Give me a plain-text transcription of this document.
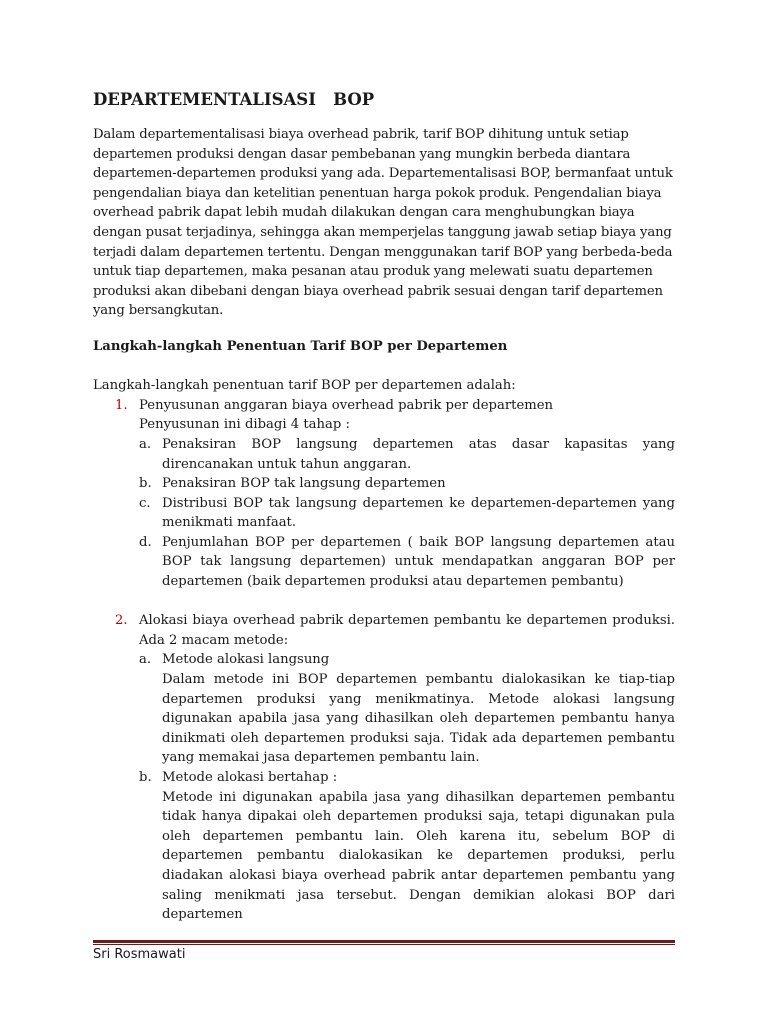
DEPARTEMENTALISASI   BOP

Dalam departementalisasi biaya overhead pabrik, tarif BOP dihitung untuk setiap departemen produksi dengan dasar pembebanan yang mungkin berbeda diantara departemen-departemen produksi yang ada. Departementalisasi BOP, bermanfaat untuk pengendalian biaya dan ketelitian penentuan harga pokok produk. Pengendalian biaya overhead pabrik dapat lebih mudah dilakukan dengan cara menghubungkan biaya dengan pusat terjadinya, sehingga akan memperjelas tanggung jawab setiap biaya yang terjadi dalam departemen tertentu. Dengan menggunakan tarif BOP yang berbeda-beda untuk tiap departemen, maka pesanan atau produk yang melewati suatu departemen produksi akan dibebani dengan biaya overhead pabrik sesuai dengan tarif departemen yang bersangkutan.

Langkah-langkah Penentuan Tarif BOP per Departemen

Langkah-langkah penentuan tarif BOP per departemen adalah:

1. Penyusunan anggaran biaya overhead pabrik per departemen
Penyusunan ini dibagi 4 tahap :
a. Penaksiran BOP langsung departemen atas dasar kapasitas yang direncanakan untuk tahun anggaran.
b. Penaksiran BOP tak langsung departemen
c. Distribusi BOP tak langsung departemen ke departemen-departemen yang menikmati manfaat.
d. Penjumlahan BOP per departemen ( baik BOP langsung departemen atau BOP tak langsung departemen) untuk mendapatkan anggaran BOP per departemen (baik departemen produksi atau departemen pembantu)
2. Alokasi biaya overhead pabrik departemen pembantu ke departemen produksi. Ada 2 macam metode:
a. Metode alokasi langsung
Dalam metode ini BOP departemen pembantu dialokasikan ke tiap-tiap departemen produksi yang menikmatinya. Metode alokasi langsung digunakan apabila jasa yang dihasilkan oleh departemen pembantu hanya dinikmati oleh departemen produksi saja. Tidak ada departemen pembantu yang memakai jasa departemen pembantu lain.
b. Metode alokasi bertahap :
Metode ini digunakan apabila jasa yang dihasilkan departemen pembantu tidak hanya dipakai oleh departemen produksi saja, tetapi digunakan pula oleh departemen pembantu lain. Oleh karena itu, sebelum BOP di departemen pembantu dialokasikan ke departemen produksi, perlu diadakan alokasi biaya overhead pabrik antar departemen pembantu yang saling menikmati jasa tersebut. Dengan demikian alokasi BOP dari departemen
Sri Rosmawati
